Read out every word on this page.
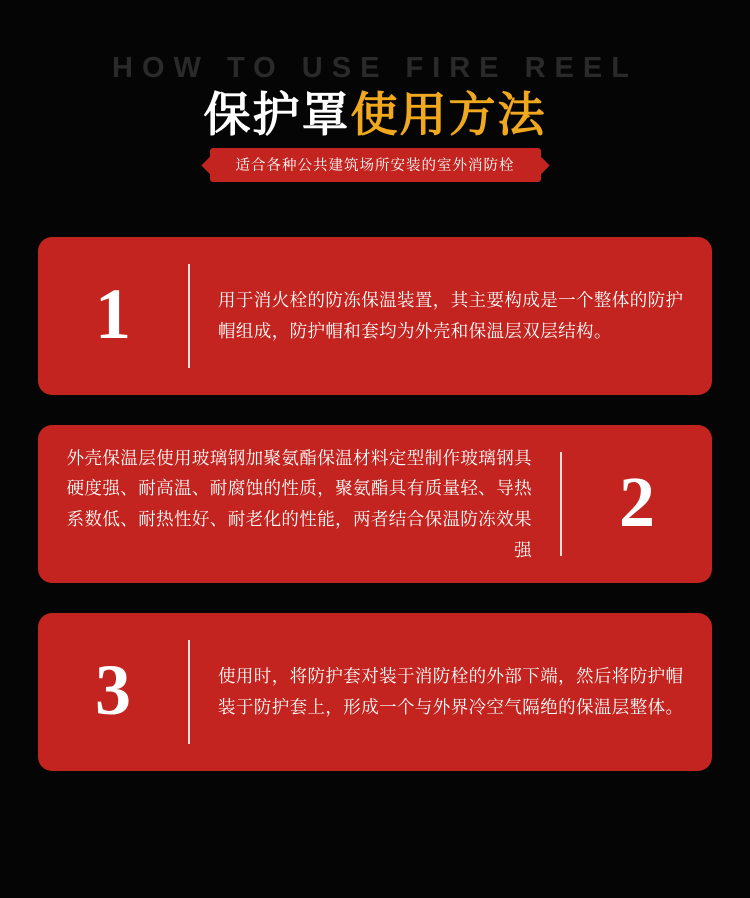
HOW TO USE FIRE REEL
保护罩使用方法
适合各种公共建筑场所安装的室外消防栓
1	用于消火栓的防冻保温装置，其主要构成是一个整体的防护帽组成，防护帽和套均为外壳和保温层双层结构。
外壳保温层使用玻璃钢加聚氨酯保温材料定型制作玻璃钢具硬度强、耐高温、耐腐蚀的性质，聚氨酯具有质量轻、导热系数低、耐热性好、耐老化的性能，两者结合保温防冻效果强
2
3	使用时，将防护套对装于消防栓的外部下端，然后将防护帽装于防护套上，形成一个与外界冷空气隔绝的保温层整体。
